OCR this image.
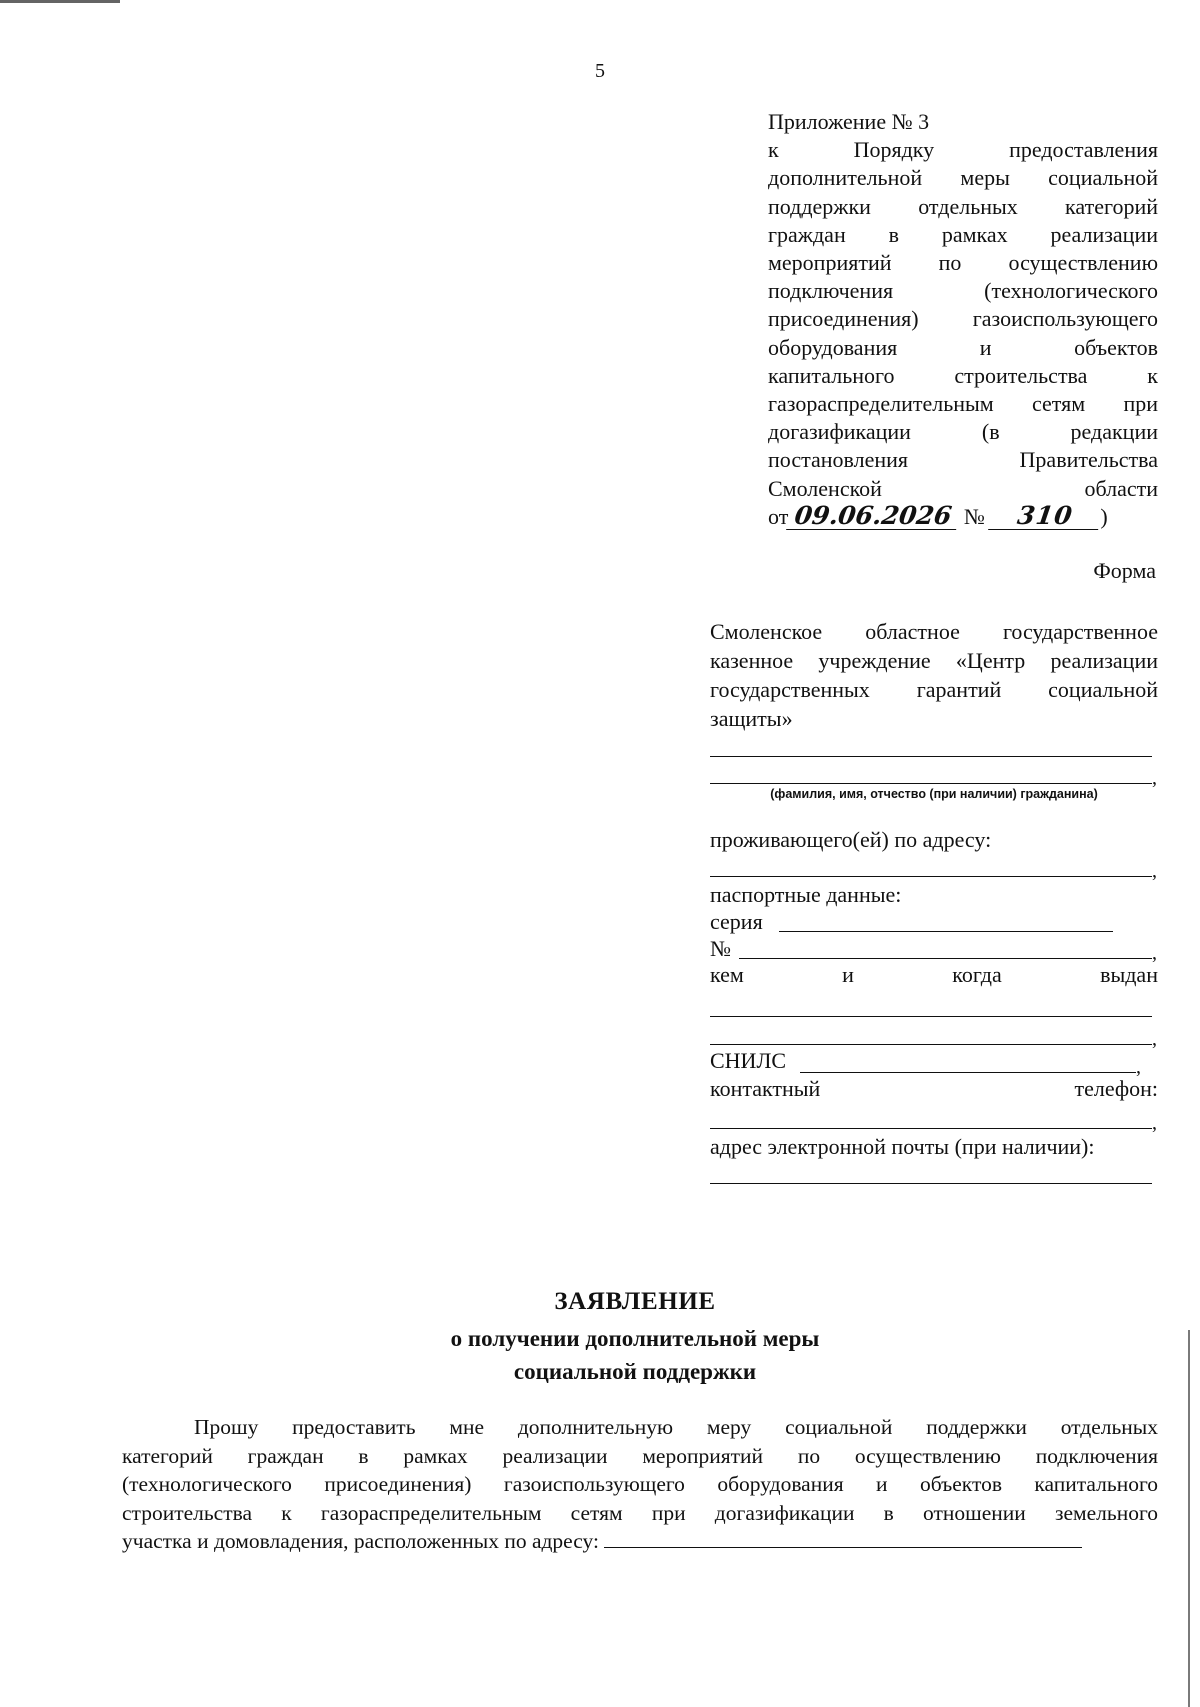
5
Приложение № 3
к Порядку предоставления
дополнительной меры социальной
поддержки отдельных категорий
граждан в рамках реализации
мероприятий по осуществлению
подключения (технологического
присоединения) газоиспользующего
оборудования и объектов
капитального строительства к
газораспределительным сетям при
догазификации (в редакции
постановления Правительства
Смоленской области
от 09.06.2026 № 310 )
Форма
Смоленское областное государственное
казенное учреждение «Центр реализации
государственных гарантий социальной
защиты»
,
(фамилия, имя, отчество (при наличии) гражданина)
проживающего(ей) по адресу:
,
паспортные данные:
серия
№	,
кем	и	когда	выдан
,
СНИЛС	,
контактный	телефон:
,
адрес электронной почты (при наличии):
ЗАЯВЛЕНИЕ
о получении дополнительной меры
социальной поддержки
Прошу предоставить мне дополнительную меру социальной поддержки отдельных
категорий граждан в рамках реализации мероприятий по осуществлению подключения
(технологического присоединения) газоиспользующего оборудования и объектов капитального
строительства к газораспределительным сетям при догазификации в отношении земельного
участка и домовладения, расположенных по адресу:
